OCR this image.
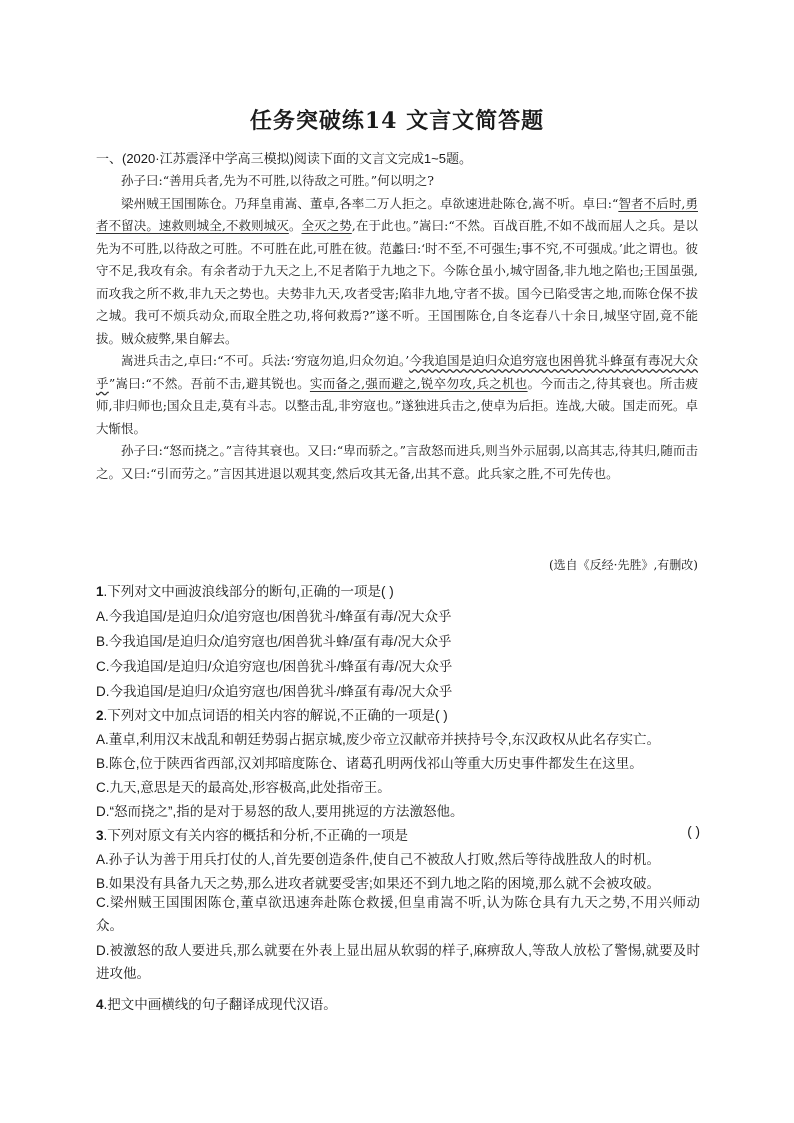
任务突破练14 文言文简答题
一、(2020·江苏震泽中学高三模拟)阅读下面的文言文完成1~5题。

孙子曰:“善用兵者,先为不可胜,以待敌之可胜。”何以明之?

梁州贼王国围陈仓。乃拜皇甫嵩、董卓,各率二万人拒之。卓欲速进赴陈仓,嵩不听。卓曰:“智者不后时,勇者不留决。速救则城全,不救则城灭。全灭之势,在于此也。”嵩曰:“不然。百战百胜,不如不战而屈人之兵。是以先为不可胜,以待敌之可胜。不可胜在此,可胜在彼。范蠡曰:‘时不至,不可强生;事不究,不可强成。’此之谓也。彼守不足,我攻有余。有余者动于九天之上,不足者陷于九地之下。今陈仓虽小,城守固备,非九地之陷也;王国虽强,而攻我之所不救,非九天之势也。夫势非九天,攻者受害;陷非九地,守者不拔。国今已陷受害之地,而陈仓保不拔之城。我可不烦兵动众,而取全胜之功,将何救焉?”遂不听。王国围陈仓,自冬迄春八十余日,城坚守固,竟不能拔。贼众疲弊,果自解去。

嵩进兵击之,卓曰:“不可。兵法:‘穷寇勿追,归众勿迫。’今我追国是迫归众追穷寇也困兽犹斗蜂虿有毒况大众乎”嵩曰:“不然。吾前不击,避其锐也。实而备之,强而避之,锐卒勿攻,兵之机也。今而击之,待其衰也。所击疲师,非归师也;国众且走,莫有斗志。以整击乱,非穷寇也。”遂独进兵击之,使卓为后拒。连战,大破。国走而死。卓大惭恨。

孙子曰:“怒而挠之。”言待其衰也。又曰:“卑而骄之。”言敌怒而进兵,则当外示屈弱,以高其志,待其归,随而击之。又曰:“引而劳之。”言因其进退以观其变,然后攻其无备,出其不意。此兵家之胜,不可先传也。

(选自《反经·先胜》,有删改)
1.下列对文中画波浪线部分的断句,正确的一项是( )
A.今我追国/是迫归众/追穷寇也/困兽犹斗/蜂虿有毒/况大众乎
B.今我追国/是迫归众/追穷寇也/困兽犹斗蜂/虿有毒/况大众乎
C.今我追国/是迫归/众追穷寇也/困兽犹斗/蜂虿有毒/况大众乎
D.今我追国/是迫归/众追穷寇也/困兽犹斗/蜂虿有毒/况大众乎
2.下列对文中加点词语的相关内容的解说,不正确的一项是( )
A.董卓,利用汉末战乱和朝廷势弱占据京城,废少帝立汉献帝并挟持号令,东汉政权从此名存实亡。
B.陈仓,位于陕西省西部,汉刘邦暗度陈仓、诸葛孔明两伐祁山等重大历史事件都发生在这里。
C.九天,意思是天的最高处,形容极高,此处指帝王。
D.“怒而挠之”,指的是对于易怒的敌人,要用挑逗的方法激怒他。
3.下列对原文有关内容的概括和分析,不正确的一项是	( )
A.孙子认为善于用兵打仗的人,首先要创造条件,使自己不被敌人打败,然后等待战胜敌人的时机。
B.如果没有具备九天之势,那么进攻者就要受害;如果还不到九地之陷的困境,那么就不会被攻破。
C.梁州贼王国围困陈仓,董卓欲迅速奔赴陈仓救援,但皇甫嵩不听,认为陈仓具有九天之势,不用兴师动众。
D.被激怒的敌人要进兵,那么就要在外表上显出屈从软弱的样子,麻痹敌人,等敌人放松了警惕,就要及时进攻他。
4.把文中画横线的句子翻译成现代汉语。
